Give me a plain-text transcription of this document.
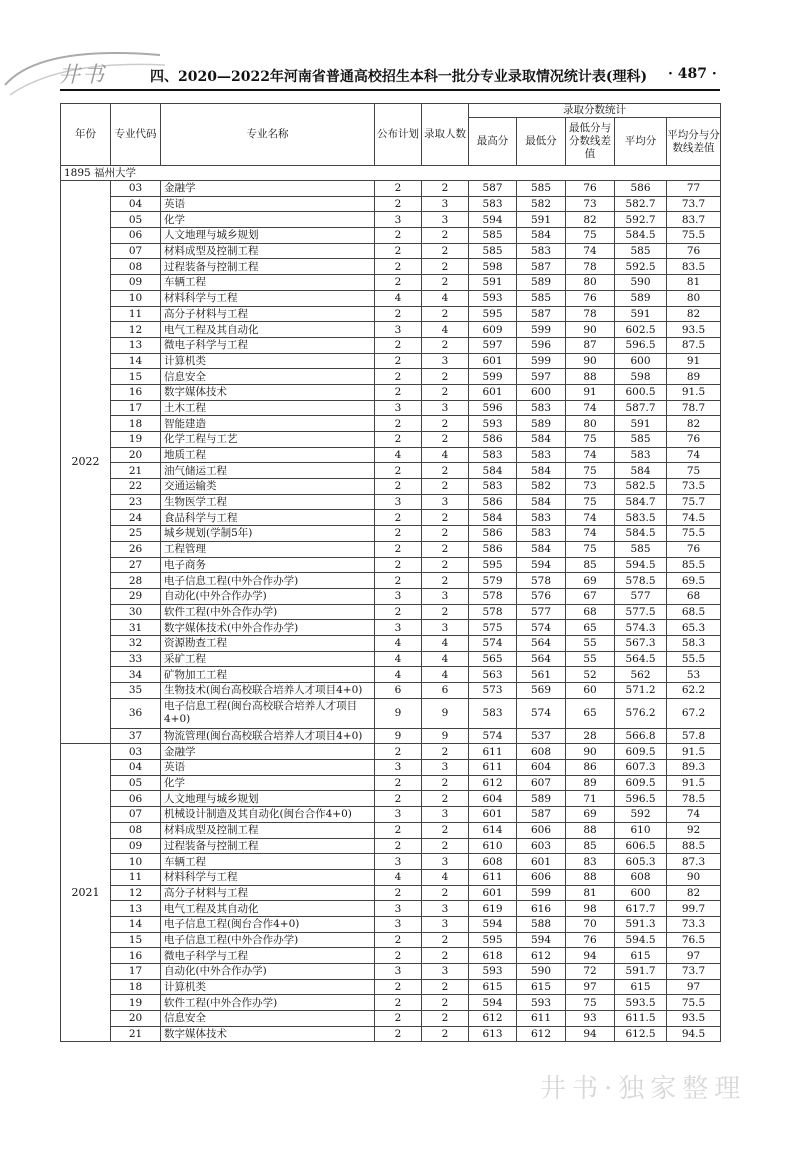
井书	四、2020—2022年河南省普通高校招生本科一批分专业录取情况统计表(理科) · 487 ·
年份	专业代码	专业名称	公布计划	录取人数	录取分数统计				
					最高分	最低分	最低分与分数线差值	平均分	平均分与分数线差值
1895 福州大学									
2022	03	金融学	2	2	587	585	76	586	77
	04	英语	2	3	583	582	73	582.7	73.7
	05	化学	3	3	594	591	82	592.7	83.7
	06	人文地理与城乡规划	2	2	585	584	75	584.5	75.5
	07	材料成型及控制工程	2	2	585	583	74	585	76
	08	过程装备与控制工程	2	2	598	587	78	592.5	83.5
	09	车辆工程	2	2	591	589	80	590	81
	10	材料科学与工程	4	4	593	585	76	589	80
	11	高分子材料与工程	2	2	595	587	78	591	82
	12	电气工程及其自动化	3	4	609	599	90	602.5	93.5
	13	微电子科学与工程	2	2	597	596	87	596.5	87.5
	14	计算机类	2	3	601	599	90	600	91
	15	信息安全	2	2	599	597	88	598	89
	16	数字媒体技术	2	2	601	600	91	600.5	91.5
	17	土木工程	3	3	596	583	74	587.7	78.7
	18	智能建造	2	2	593	589	80	591	82
	19	化学工程与工艺	2	2	586	584	75	585	76
	20	地质工程	4	4	583	583	74	583	74
	21	油气储运工程	2	2	584	584	75	584	75
	22	交通运输类	2	2	583	582	73	582.5	73.5
	23	生物医学工程	3	3	586	584	75	584.7	75.7
	24	食品科学与工程	2	2	584	583	74	583.5	74.5
	25	城乡规划(学制5年)	2	2	586	583	74	584.5	75.5
	26	工程管理	2	2	586	584	75	585	76
	27	电子商务	2	2	595	594	85	594.5	85.5
	28	电子信息工程(中外合作办学)	2	2	579	578	69	578.5	69.5
	29	自动化(中外合作办学)	3	3	578	576	67	577	68
	30	软件工程(中外合作办学)	2	2	578	577	68	577.5	68.5
	31	数字媒体技术(中外合作办学)	3	3	575	574	65	574.3	65.3
	32	资源勘查工程	4	4	574	564	55	567.3	58.3
	33	采矿工程	4	4	565	564	55	564.5	55.5
	34	矿物加工工程	4	4	563	561	52	562	53
	35	生物技术(闽台高校联合培养人才项目4+0)	6	6	573	569	60	571.2	62.2
	36	电子信息工程(闽台高校联合培养人才项目4+0)	9	9	583	574	65	576.2	67.2
	37	物流管理(闽台高校联合培养人才项目4+0)	9	9	574	537	28	566.8	57.8
2021	03	金融学	2	2	611	608	90	609.5	91.5
	04	英语	3	3	611	604	86	607.3	89.3
	05	化学	2	2	612	607	89	609.5	91.5
	06	人文地理与城乡规划	2	2	604	589	71	596.5	78.5
	07	机械设计制造及其自动化(闽台合作4+0)	3	3	601	587	69	592	74
	08	材料成型及控制工程	2	2	614	606	88	610	92
	09	过程装备与控制工程	2	2	610	603	85	606.5	88.5
	10	车辆工程	3	3	608	601	83	605.3	87.3
	11	材料科学与工程	4	4	611	606	88	608	90
	12	高分子材料与工程	2	2	601	599	81	600	82
	13	电气工程及其自动化	3	3	619	616	98	617.7	99.7
	14	电子信息工程(闽台合作4+0)	3	3	594	588	70	591.3	73.3
	15	电子信息工程(中外合作办学)	2	2	595	594	76	594.5	76.5
	16	微电子科学与工程	2	2	618	612	94	615	97
	17	自动化(中外合作办学)	3	3	593	590	72	591.7	73.7
	18	计算机类	2	2	615	615	97	615	97
	19	软件工程(中外合作办学)	2	2	594	593	75	593.5	75.5
	20	信息安全	2	2	612	611	93	611.5	93.5
	21	数字媒体技术	2	2	613	612	94	612.5	94.5
井书·独家整理
